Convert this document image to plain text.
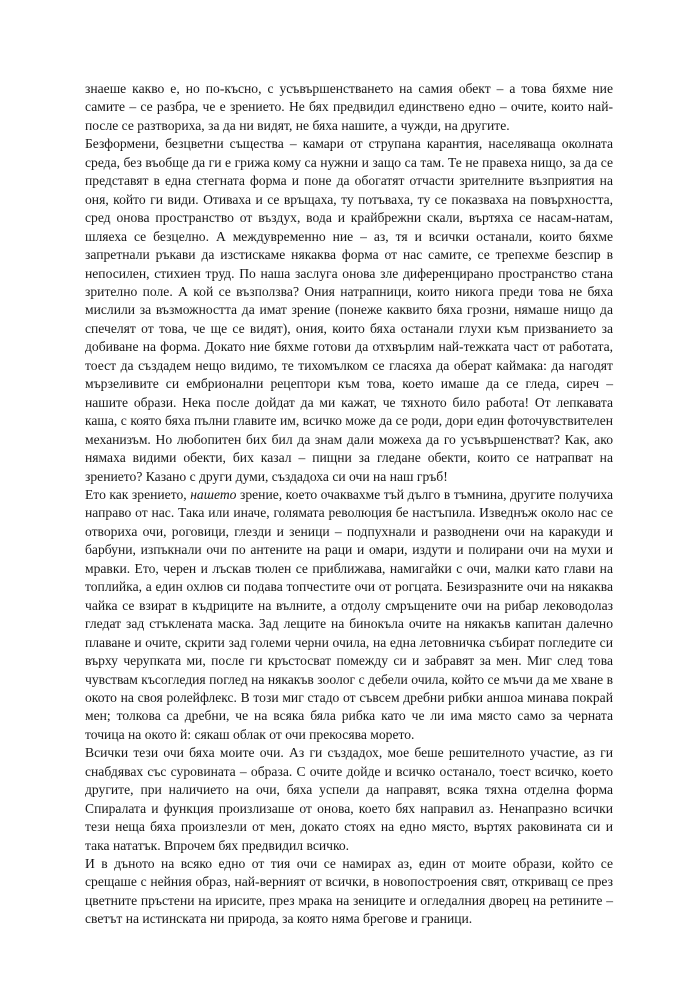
знаеше какво е, но по-късно, с усъвършенстването на самия обект – а това бяхме ние самите – се разбра, че е зрението. Не бях предвидил единствено едно – очите, които най-после се разтвориха, за да ни видят, не бяха нашите, а чужди, на другите.

Безформени, безцветни същества – камари от струпана карантия, населяваща околната среда, без въобще да ги е грижа кому са нужни и защо са там. Те не правеха нищо, за да се представят в една стегната форма и поне да обогатят отчасти зрителните възприятия на оня, който ги види. Отиваха и се връщаха, ту потъваха, ту се показваха на повърхността, сред онова пространство от въздух, вода и крайбрежни скали, въртяха се насам-натам, шляеха се безцелно. А междувременно ние – аз, тя и всички останали, които бяхме запретнали ръкави да изстискаме някаква форма от нас самите, се трепехме безспир в непосилен, стихиен труд. По наша заслуга онова зле диференцирано пространство стана зрително поле. А кой се възползва? Ония натрапници, които никога преди това не бяха мислили за възможността да имат зрение (понеже каквито бяха грозни, нямаше нищо да спечелят от това, че ще се видят), ония, които бяха останали глухи към призванието за добиване на форма. Докато ние бяхме готови да отхвърлим най-тежката част от работата, тоест да създадем нещо видимо, те тихомълком се гласяха да оберат каймака: да нагодят мързеливите си ембрионални рецептори към това, което имаше да се гледа, сиреч – нашите образи. Нека после дойдат да ми кажат, че тяхното било работа! От лепкавата каша, с която бяха пълни главите им, всичко може да се роди, дори един фоточувствителен механизъм. Но любопитен бих бил да знам дали можеха да го усъвършенстват? Как, ако нямаха видими обекти, бих казал – пищни за гледане обекти, които се натрапват на зрението? Казано с други думи, създадоха си очи на наш гръб!

Ето как зрението, нашето зрение, което очаквахме тъй дълго в тъмнина, другите получиха направо от нас. Така или иначе, голямата революция бе настъпила. Изведнъж около нас се отвориха очи, роговици, глезди и зеници – подпухнали и разводнени очи на каракуди и барбуни, изпъкнали очи по антените на раци и омари, издути и полирани очи на мухи и мравки. Ето, черен и лъскав тюлен се приближава, намигайки с очи, малки като глави на топлийка, а един охлюв си подава топчестите очи от рогцата. Безизразните очи на някаква чайка се взират в къдриците на вълните, а отдолу смръщените очи на рибар леководолаз гледат зад стъклената маска. Зад лещите на бинокъла очите на някакъв капитан далечно плаване и очите, скрити зад големи черни очила, на една летовничка събират погледите си върху черупката ми, после ги кръстосват помежду си и забравят за мен. Миг след това чувствам късогледия поглед на някакъв зоолог с дебели очила, който се мъчи да ме хване в окото на своя ролейфлекс. В този миг стадо от съвсем дребни рибки аншоа минава покрай мен; толкова са дребни, че на всяка бяла рибка като че ли има място само за черната точица на окото й: сякаш облак от очи прекосява морето.

Всички тези очи бяха моите очи. Аз ги създадох, мое беше решителното участие, аз ги снабдявах със суровината – образа. С очите дойде и всичко останало, тоест всичко, което другите, при наличието на очи, бяха успели да направят, всяка тяхна отделна форма Спиралата и функция произлизаше от онова, което бях направил аз. Ненапразно всички тези неща бяха произлезли от мен, докато стоях на едно място, въртях раковината си и така нататък. Впрочем бях предвидил всичко.

И в дъното на всяко едно от тия очи се намирах аз, един от моите образи, който се срещаше с нейния образ, най-верният от всички, в новопостроения свят, откриващ се през цветните пръстени на ирисите, през мрака на зениците и огледалния дворец на ретините – светът на истинската ни природа, за която няма брегове и граници.
